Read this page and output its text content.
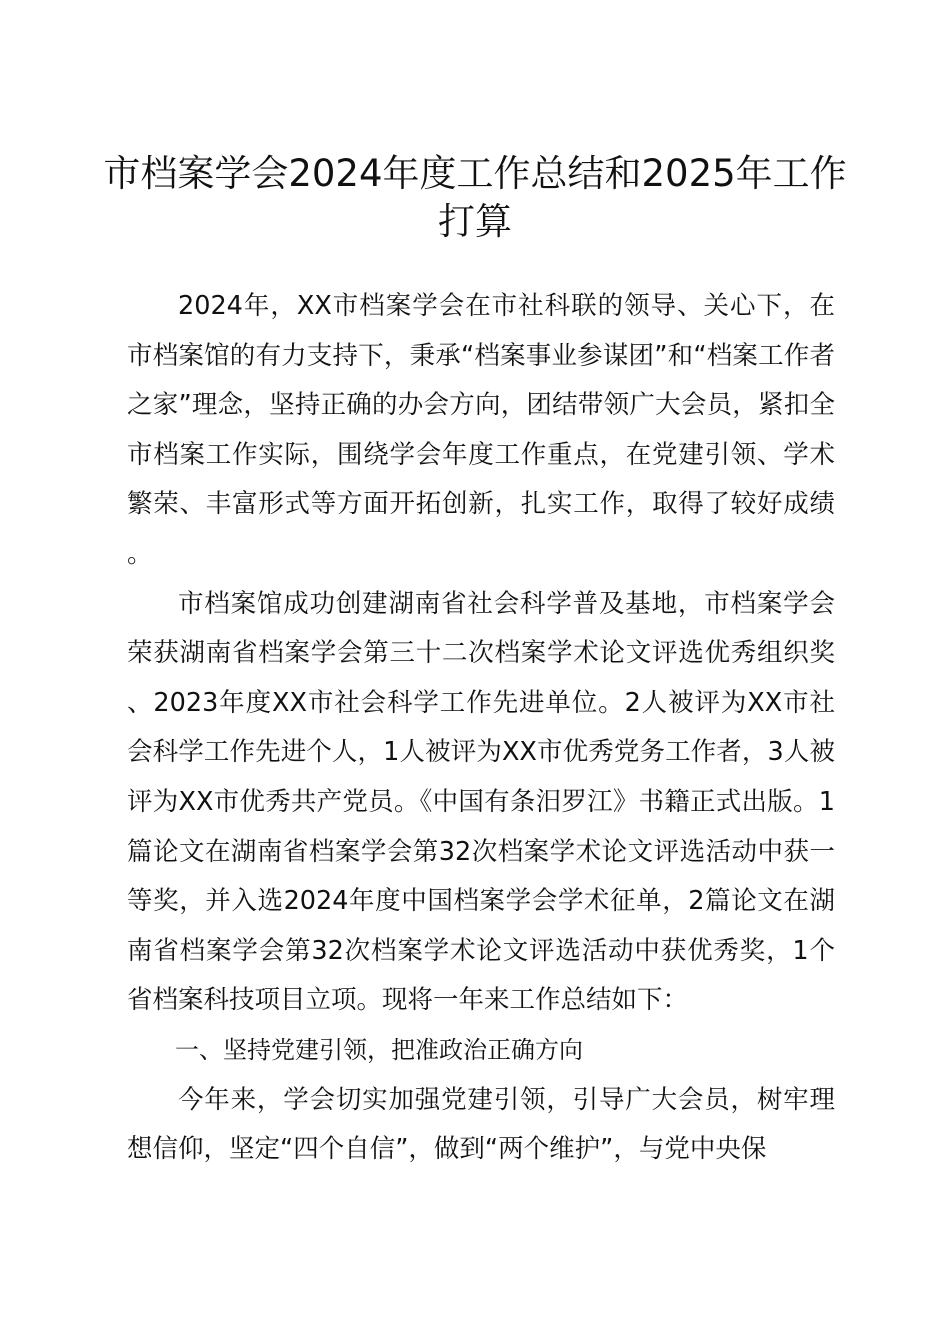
市档案学会2024年度工作总结和2025年工作打算

2024年，XX市档案学会在市社科联的领导、关心下，在市档案馆的有力支持下，秉承“档案事业参谋团”和“档案工作者之家”理念，坚持正确的办会方向，团结带领广大会员，紧扣全市档案工作实际，围绕学会年度工作重点，在党建引领、学术繁荣、丰富形式等方面开拓创新，扎实工作，取得了较好成绩。

市档案馆成功创建湖南省社会科学普及基地，市档案学会荣获湖南省档案学会第三十二次档案学术论文评选优秀组织奖、2023年度XX市社会科学工作先进单位。2人被评为XX市社会科学工作先进个人，1人被评为XX市优秀党务工作者，3人被评为XX市优秀共产党员。《中国有条汨罗江》书籍正式出版。1篇论文在湖南省档案学会第32次档案学术论文评选活动中获一等奖，并入选2024年度中国档案学会学术征单，2篇论文在湖南省档案学会第32次档案学术论文评选活动中获优秀奖，1个省档案科技项目立项。现将一年来工作总结如下：

一、坚持党建引领，把准政治正确方向

今年来，学会切实加强党建引领，引导广大会员，树牢理想信仰，坚定“四个自信”，做到“两个维护”，与党中央保
